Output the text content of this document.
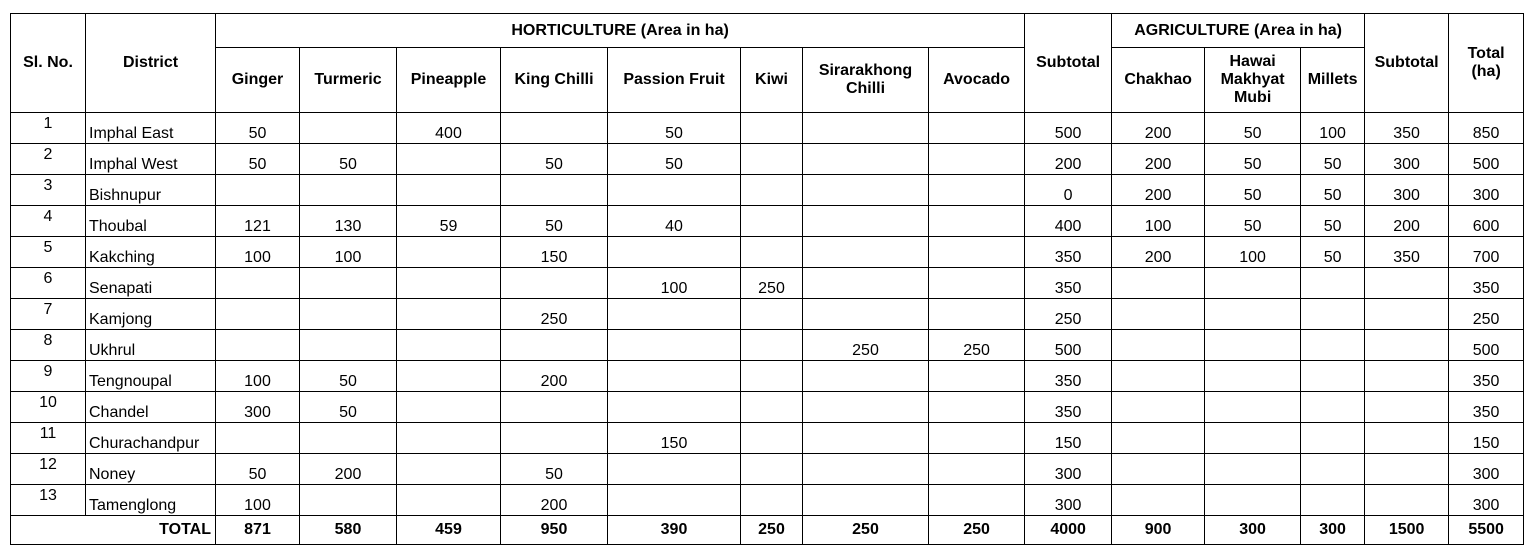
Sl. No.	District	HORTICULTURE (Area in ha)								Subtotal	AGRICULTURE (Area in ha)			Subtotal	Total (ha)
		Ginger	Turmeric	Pineapple	King Chilli	Passion Fruit	Kiwi	Sirarakhong Chilli	Avocado		Chakhao	Hawai Makhyat Mubi	Millets		
1	Imphal East	50		400		50				500	200	50	100	350	850
2	Imphal West	50	50		50	50				200	200	50	50	300	500
3	Bishnupur									0	200	50	50	300	300
4	Thoubal	121	130	59	50	40				400	100	50	50	200	600
5	Kakching	100	100		150					350	200	100	50	350	700
6	Senapati					100	250			350					350
7	Kamjong				250					250					250
8	Ukhrul							250	250	500					500
9	Tengnoupal	100	50		200					350					350
10	Chandel	300	50							350					350
11	Churachandpur					150				150					150
12	Noney	50	200		50					300					300
13	Tamenglong	100			200					300					300
TOTAL		871	580	459	950	390	250	250	250	4000	900	300	300	1500	5500
